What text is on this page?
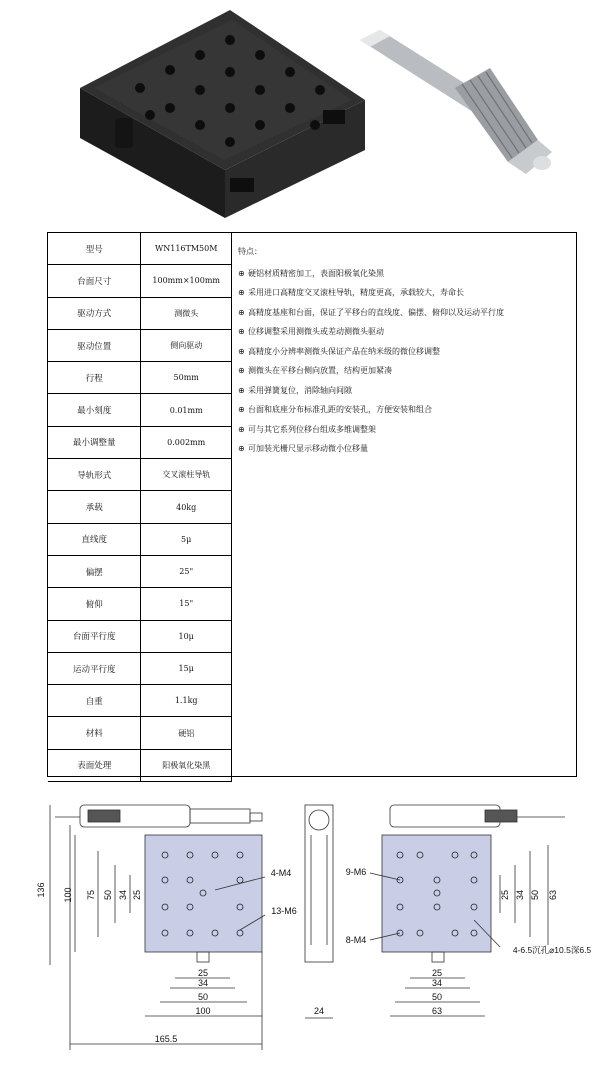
型号	WN116TM50M
台面尺寸	100mm×100mm
驱动方式	测微头
驱动位置	侧向驱动
行程	50mm
最小刻度	0.01mm
最小调整量	0.002mm
导轨形式	交叉滚柱导轨
承载	40kg
直线度	5μ
偏摆	25"
俯仰	15"
台面平行度	10μ
运动平行度	15μ
自重	1.1kg
材料	硬铝
表面处理	阳极氧化染黑
特点：
⊕ 硬铝材质精密加工，表面阳极氧化染黑
⊕ 采用进口高精度交叉滚柱导轨，精度更高，承载较大，寿命长
⊕ 高精度基座和台面，保证了平移台的直线度、偏摆、俯仰以及运动平行度
⊕ 位移调整采用测微头或差动测微头驱动
⊕ 高精度小分辨率测微头保证产品在纳米级的微位移调整
⊕ 测微头在平移台侧向放置，结构更加紧凑
⊕ 采用弹簧复位，消除轴向间隙
⊕ 台面和底座分布标准孔距的安装孔，方便安装和组合
⊕ 可与其它系列位移台组成多维调整架
⊕ 可加装光栅尺显示移动微小位移量
136 100 75 50 34 25
25
34
50
100
165.5
4-M4
13-M6
24
25 34 50 63
25
34
50
63
9-M6
8-M4
4-6.5沉孔⌀10.5深6.5
